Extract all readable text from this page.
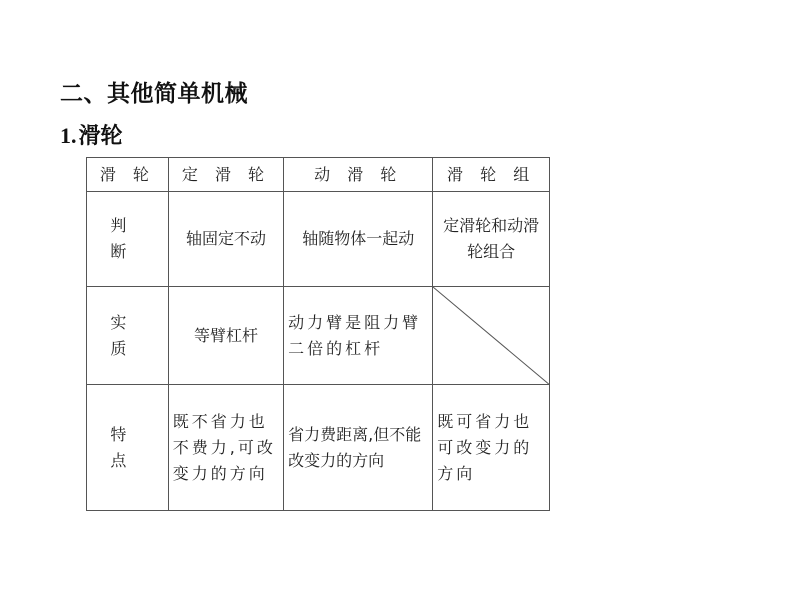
二、其他简单机械
1.滑轮
滑 轮	定 滑 轮	动 滑 轮	滑 轮 组
判 断	轴固定不动	轴随物体一起动	定滑轮和动滑轮组合
实 质	等臂杠杆	动力臂是阻力臂二倍的杠杆	

特 点	既不省力也不费力,可改变力的方向	省力费距离,但不能改变力的方向	既可省力也可改变力的方向
